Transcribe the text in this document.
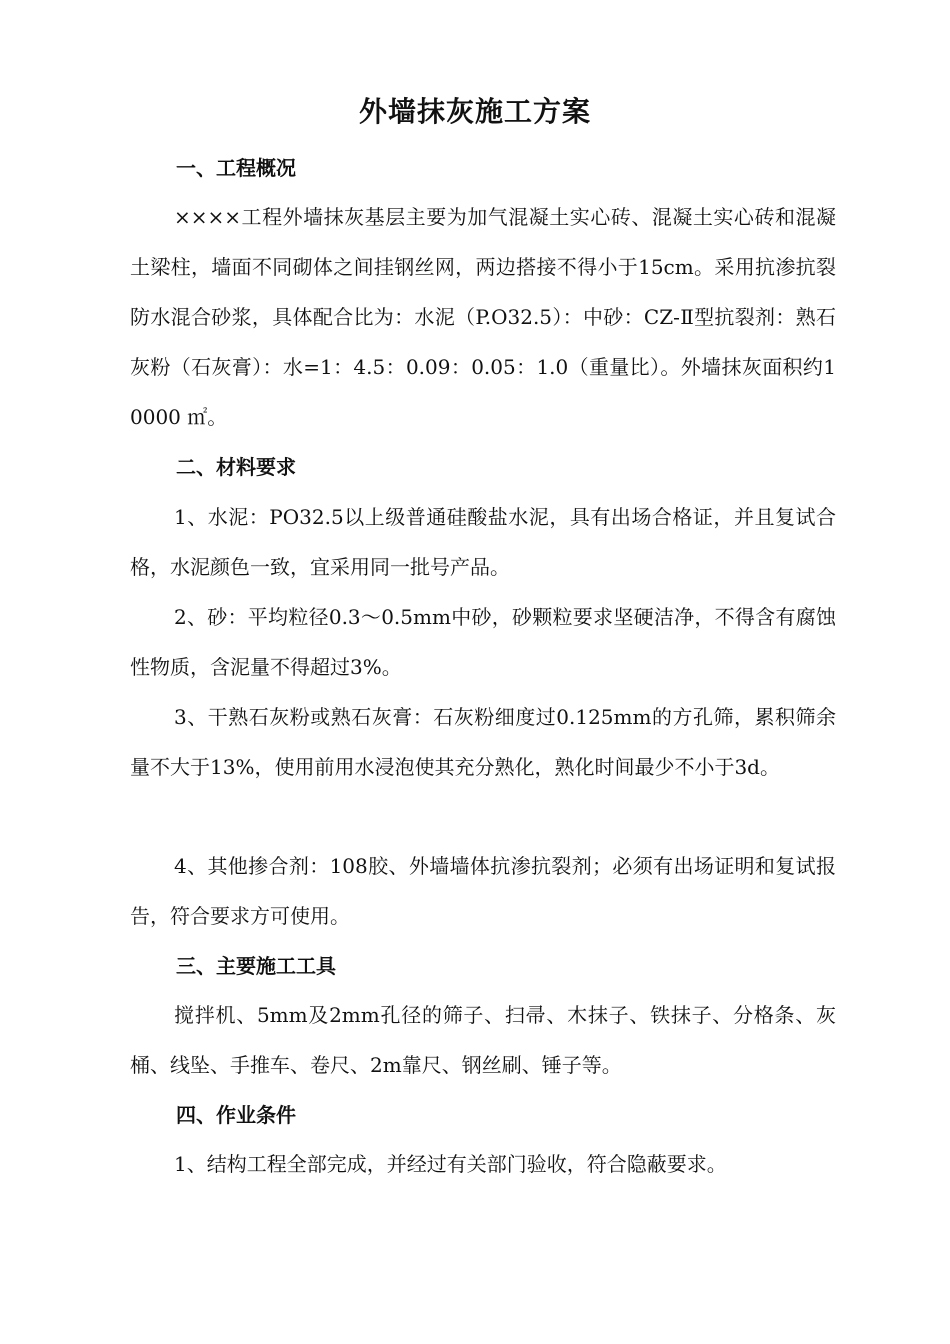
外墙抹灰施工方案
一、工程概况
××××工程外墙抹灰基层主要为加气混凝土实心砖、混凝土实心砖和混凝土梁柱，墙面不同砌体之间挂钢丝网，两边搭接不得小于15cm。采用抗渗抗裂防水混合砂浆，具体配合比为：水泥（P.O32.5）：中砂：CZ-Ⅱ型抗裂剂：熟石灰粉（石灰膏）：水=1：4.5：0.09：0.05：1.0（重量比）。外墙抹灰面积约10000 ㎡。
二、材料要求
1、水泥：PO32.5以上级普通硅酸盐水泥，具有出场合格证，并且复试合格，水泥颜色一致，宜采用同一批号产品。
2、砂：平均粒径0.3～0.5mm中砂，砂颗粒要求坚硬洁净，不得含有腐蚀性物质，含泥量不得超过3%。
3、干熟石灰粉或熟石灰膏：石灰粉细度过0.125mm的方孔筛，累积筛余量不大于13%，使用前用水浸泡使其充分熟化，熟化时间最少不小于3d。
4、其他掺合剂：108胶、外墙墙体抗渗抗裂剂；必须有出场证明和复试报告，符合要求方可使用。
三、主要施工工具
搅拌机、5mm及2mm孔径的筛子、扫帚、木抹子、铁抹子、分格条、灰桶、线坠、手推车、卷尺、2m靠尺、钢丝刷、锤子等。
四、作业条件
1、结构工程全部完成，并经过有关部门验收，符合隐蔽要求。
